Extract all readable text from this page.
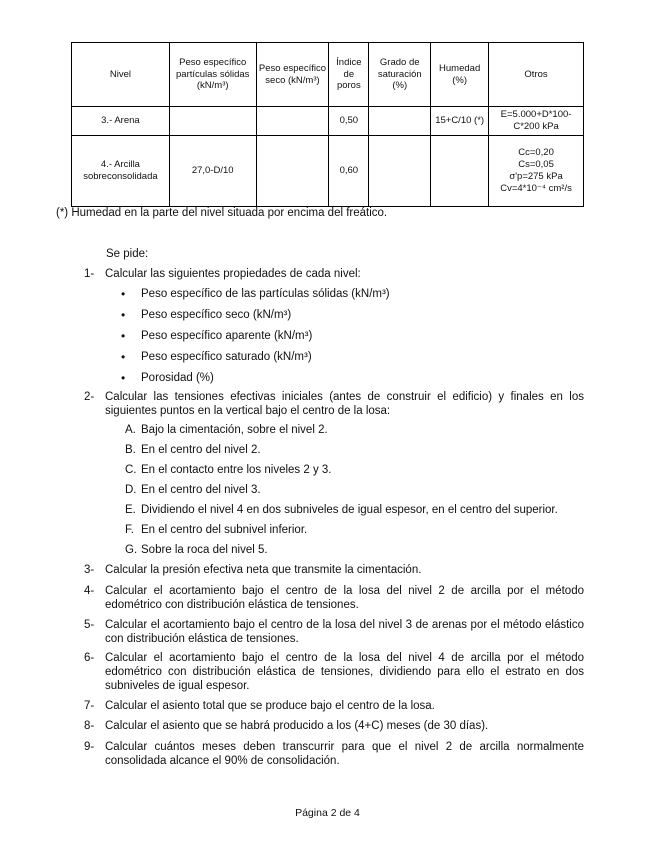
Nivel	Peso específico partículas sólidas (kN/m³)	Peso específico seco (kN/m³)	Índice de poros	Grado de saturación (%)	Humedad (%)	Otros
3.- Arena			0,50		15+C/10 (*)	E=5.000+D*100-C*200 kPa
4.- Arcilla sobreconsolidada	27,0-D/10		0,60			Cc=0,20
Cs=0,05
σ'p=275 kPa
Cv=4*10⁻⁴ cm²/s
(*) Humedad en la parte del nivel situada por encima del freático.
Se pide:
1- Calcular las siguientes propiedades de cada nivel:
• Peso específico de las partículas sólidas (kN/m³)
• Peso específico seco (kN/m³)
• Peso específico aparente (kN/m³)
• Peso específico saturado (kN/m³)
• Porosidad (%)
2- Calcular las tensiones efectivas iniciales (antes de construir el edificio) y finales en los siguientes puntos en la vertical bajo el centro de la losa:
A. Bajo la cimentación, sobre el nivel 2.
B. En el centro del nivel 2.
C. En el contacto entre los niveles 2 y 3.
D. En el centro del nivel 3.
E. Dividiendo el nivel 4 en dos subniveles de igual espesor, en el centro del superior.
F. En el centro del subnivel inferior.
G. Sobre la roca del nivel 5.
3- Calcular la presión efectiva neta que transmite la cimentación.
4- Calcular el acortamiento bajo el centro de la losa del nivel 2 de arcilla por el método edométrico con distribución elástica de tensiones.
5- Calcular el acortamiento bajo el centro de la losa del nivel 3 de arenas por el método elástico con distribución elástica de tensiones.
6- Calcular el acortamiento bajo el centro de la losa del nivel 4 de arcilla por el método edométrico con distribución elástica de tensiones, dividiendo para ello el estrato en dos subniveles de igual espesor.
7- Calcular el asiento total que se produce bajo el centro de la losa.
8- Calcular el asiento que se habrá producido a los (4+C) meses (de 30 días).
9- Calcular cuántos meses deben transcurrir para que el nivel 2 de arcilla normalmente consolidada alcance el 90% de consolidación.
Página 2 de 4
